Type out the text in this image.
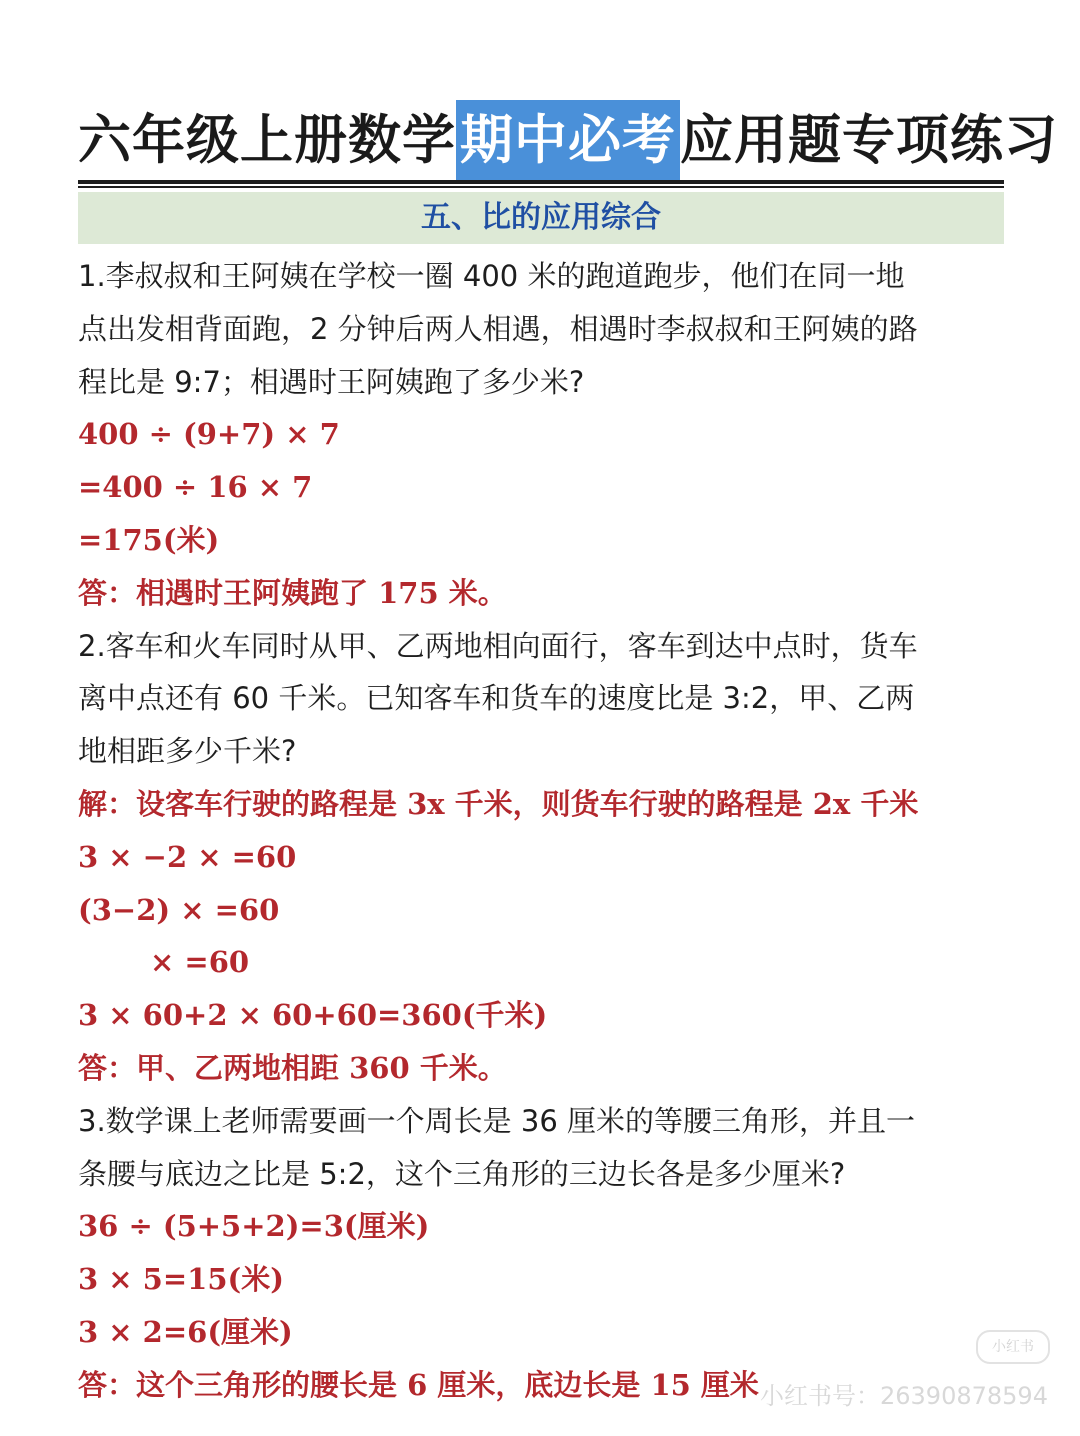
六年级上册数学期中必考应用题专项练习
五、比的应用综合
1.李叔叔和王阿姨在学校一圈 400 米的跑道跑步，他们在同一地
点出发相背面跑，2 分钟后两人相遇，相遇时李叔叔和王阿姨的路
程比是 9:7；相遇时王阿姨跑了多少米?
400 ÷ (9+7) × 7
=400 ÷ 16 × 7
=175(米)
答：相遇时王阿姨跑了 175 米。
2.客车和火车同时从甲、乙两地相向面行，客车到达中点时，货车
离中点还有 60 千米。已知客车和货车的速度比是 3:2，甲、乙两
地相距多少千米?
解：设客车行驶的路程是 3x 千米，则货车行驶的路程是 2x 千米
3 × −2 × =60
(3−2) × =60
× =60
3 × 60+2 × 60+60=360(千米)
答：甲、乙两地相距 360 千米。
3.数学课上老师需要画一个周长是 36 厘米的等腰三角形，并且一
条腰与底边之比是 5:2，这个三角形的三边长各是多少厘米?
36 ÷ (5+5+2)=3(厘米)
3 × 5=15(米)
3 × 2=6(厘米)
答：这个三角形的腰长是 6 厘米，底边长是 15 厘米
小红书
小红书号：2639087859​4
